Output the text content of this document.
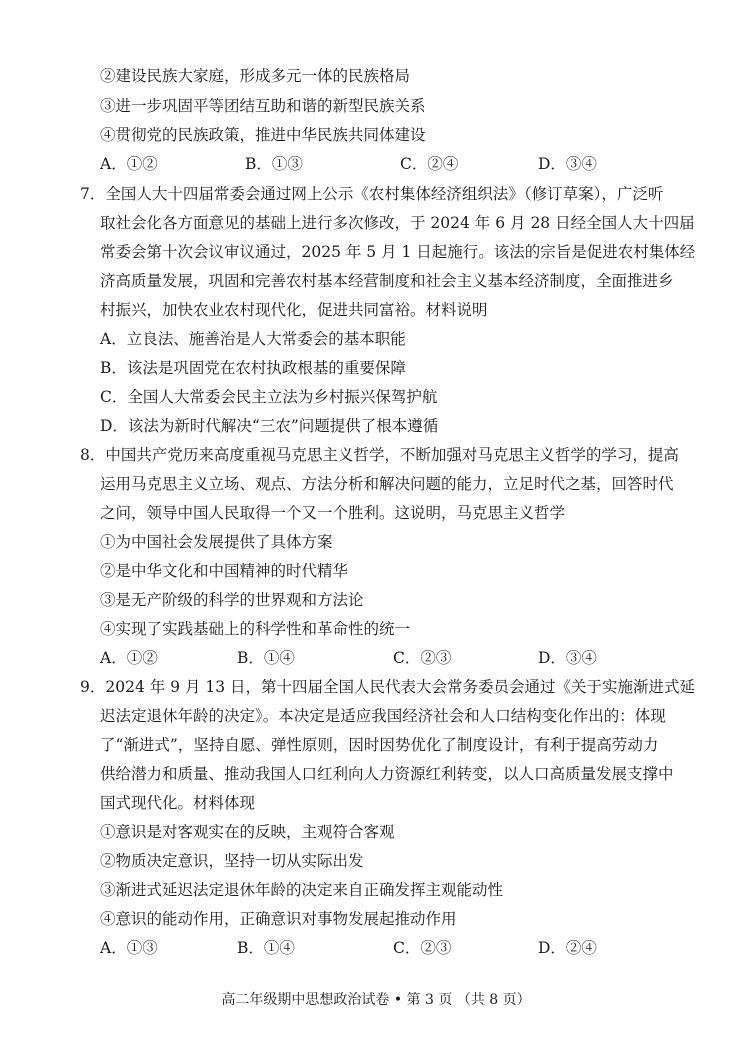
②建设民族大家庭，形成多元一体的民族格局
③进一步巩固平等团结互助和谐的新型民族关系
④贯彻党的民族政策，推进中华民族共同体建设
A．①②	B．①③	C．②④	D．③④
7．全国人大十四届常委会通过网上公示《农村集体经济组织法》（修订草案），广泛听
取社会化各方面意见的基础上进行多次修改，于 2024 年 6 月 28 日经全国人大十四届
常委会第十次会议审议通过，2025 年 5 月 1 日起施行。该法的宗旨是促进农村集体经
济高质量发展，巩固和完善农村基本经营制度和社会主义基本经济制度，全面推进乡
村振兴，加快农业农村现代化，促进共同富裕。材料说明
A．立良法、施善治是人大常委会的基本职能
B．该法是巩固党在农村执政根基的重要保障
C．全国人大常委会民主立法为乡村振兴保驾护航
D．该法为新时代解决“三农”问题提供了根本遵循
8．中国共产党历来高度重视马克思主义哲学，不断加强对马克思主义哲学的学习，提高
运用马克思主义立场、观点、方法分析和解决问题的能力，立足时代之基，回答时代
之问，领导中国人民取得一个又一个胜利。这说明，马克思主义哲学
①为中国社会发展提供了具体方案
②是中华文化和中国精神的时代精华
③是无产阶级的科学的世界观和方法论
④实现了实践基础上的科学性和革命性的统一
A．①②	B．①④	C．②③	D．③④
9．2024 年 9 月 13 日，第十四届全国人民代表大会常务委员会通过《关于实施渐进式延
迟法定退休年龄的决定》。本决定是适应我国经济社会和人口结构变化作出的：体现
了“渐进式”，坚持自愿、弹性原则，因时因势优化了制度设计，有利于提高劳动力
供给潜力和质量、推动我国人口红利向人力资源红利转变，以人口高质量发展支撑中
国式现代化。材料体现
①意识是对客观实在的反映，主观符合客观
②物质决定意识，坚持一切从实际出发
③渐进式延迟法定退休年龄的决定来自正确发挥主观能动性
④意识的能动作用，正确意识对事物发展起推动作用
A．①③	B．①④	C．②③	D．②④
高二年级期中思想政治试卷 • 第 3 页 （共 8 页）
